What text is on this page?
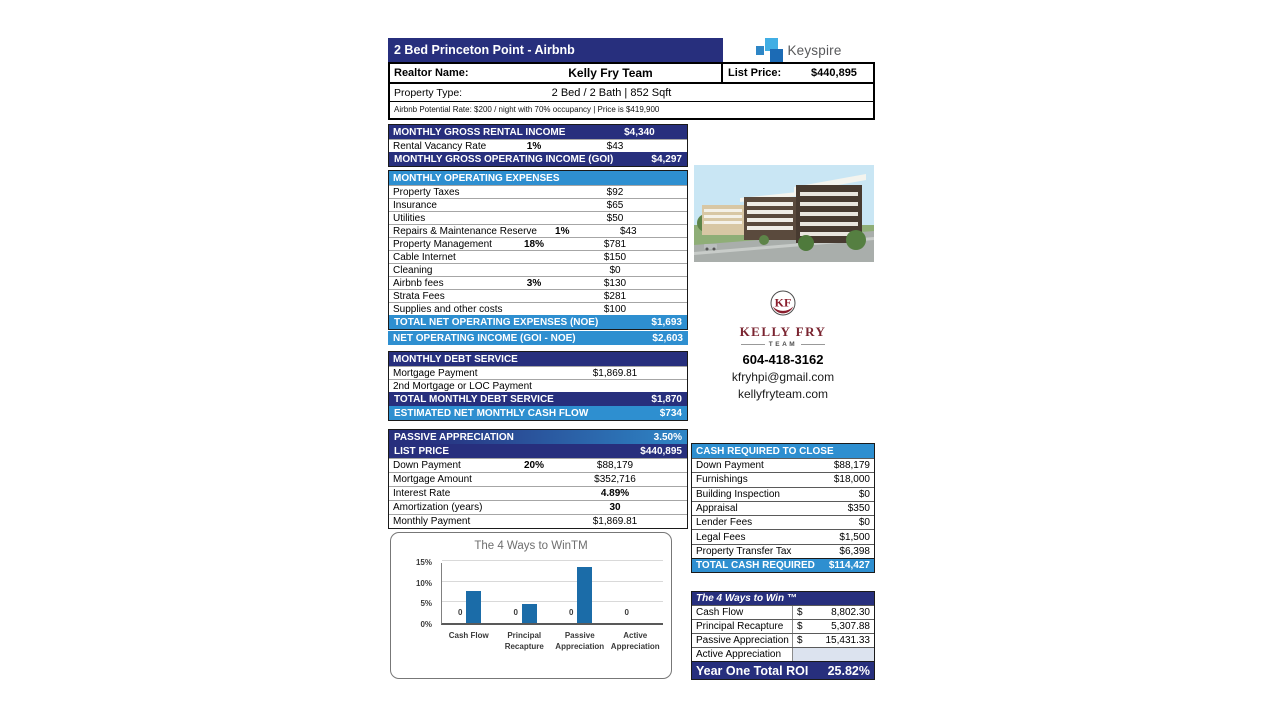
2 Bed Princeton Point - Airbnb	Keyspire
Realtor Name:	Kelly Fry Team	List Price:	$440,895
Property Type:	2 Bed / 2 Bath | 852 Sqft
Airbnb Potential Rate: $200 / night with 70% occupancy | Price is $419,900
MONTHLY GROSS RENTAL INCOME	$4,340
Rental Vacancy Rate	1%	$43
MONTHLY GROSS OPERATING INCOME (GOI)	$4,297
MONTHLY OPERATING EXPENSES
Property Taxes	$92
Insurance	$65
Utilities	$50
Repairs & Maintenance Reserve	1%	$43
Property Management	18%	$781
Cable Internet	$150
Cleaning	$0
Airbnb fees	3%	$130
Strata Fees	$281
Supplies and other costs	$100
TOTAL NET OPERATING EXPENSES (NOE)	$1,693
NET OPERATING INCOME (GOI - NOE)	$2,603
MONTHLY DEBT SERVICE
Mortgage Payment	$1,869.81
2nd Mortgage or LOC Payment
TOTAL MONTHLY DEBT SERVICE	$1,870
ESTIMATED NET MONTHLY CASH FLOW	$734
PASSIVE APPRECIATION	3.50%
LIST PRICE	$440,895
Down Payment	20%	$88,179
Mortgage Amount	$352,716
Interest Rate	4.89%
Amortization (years)	30
Monthly Payment	$1,869.81
The 4 Ways to WinTM
0%
5%
10%
15%
0	0	0	0
Cash Flow	Principal Recapture
Passive Appreciation
Active Appreciation
KF
KELLY FRY
TEAM
604-418-3162
kfryhpi@gmail.com
kellyfryteam.com
CASH REQUIRED TO CLOSE
Down Payment	$88,179
Furnishings	$18,000
Building Inspection	$0
Appraisal	$350
Lender Fees	$0
Legal Fees	$1,500
Property Transfer Tax	$6,398
TOTAL CASH REQUIRED $114,427
The 4 Ways to Win ™
Cash Flow	$	8,802.30
Principal Recapture	$	5,307.88
Passive Appreciation $	15,431.33
Active Appreciation
Year One Total ROI 25.82%
